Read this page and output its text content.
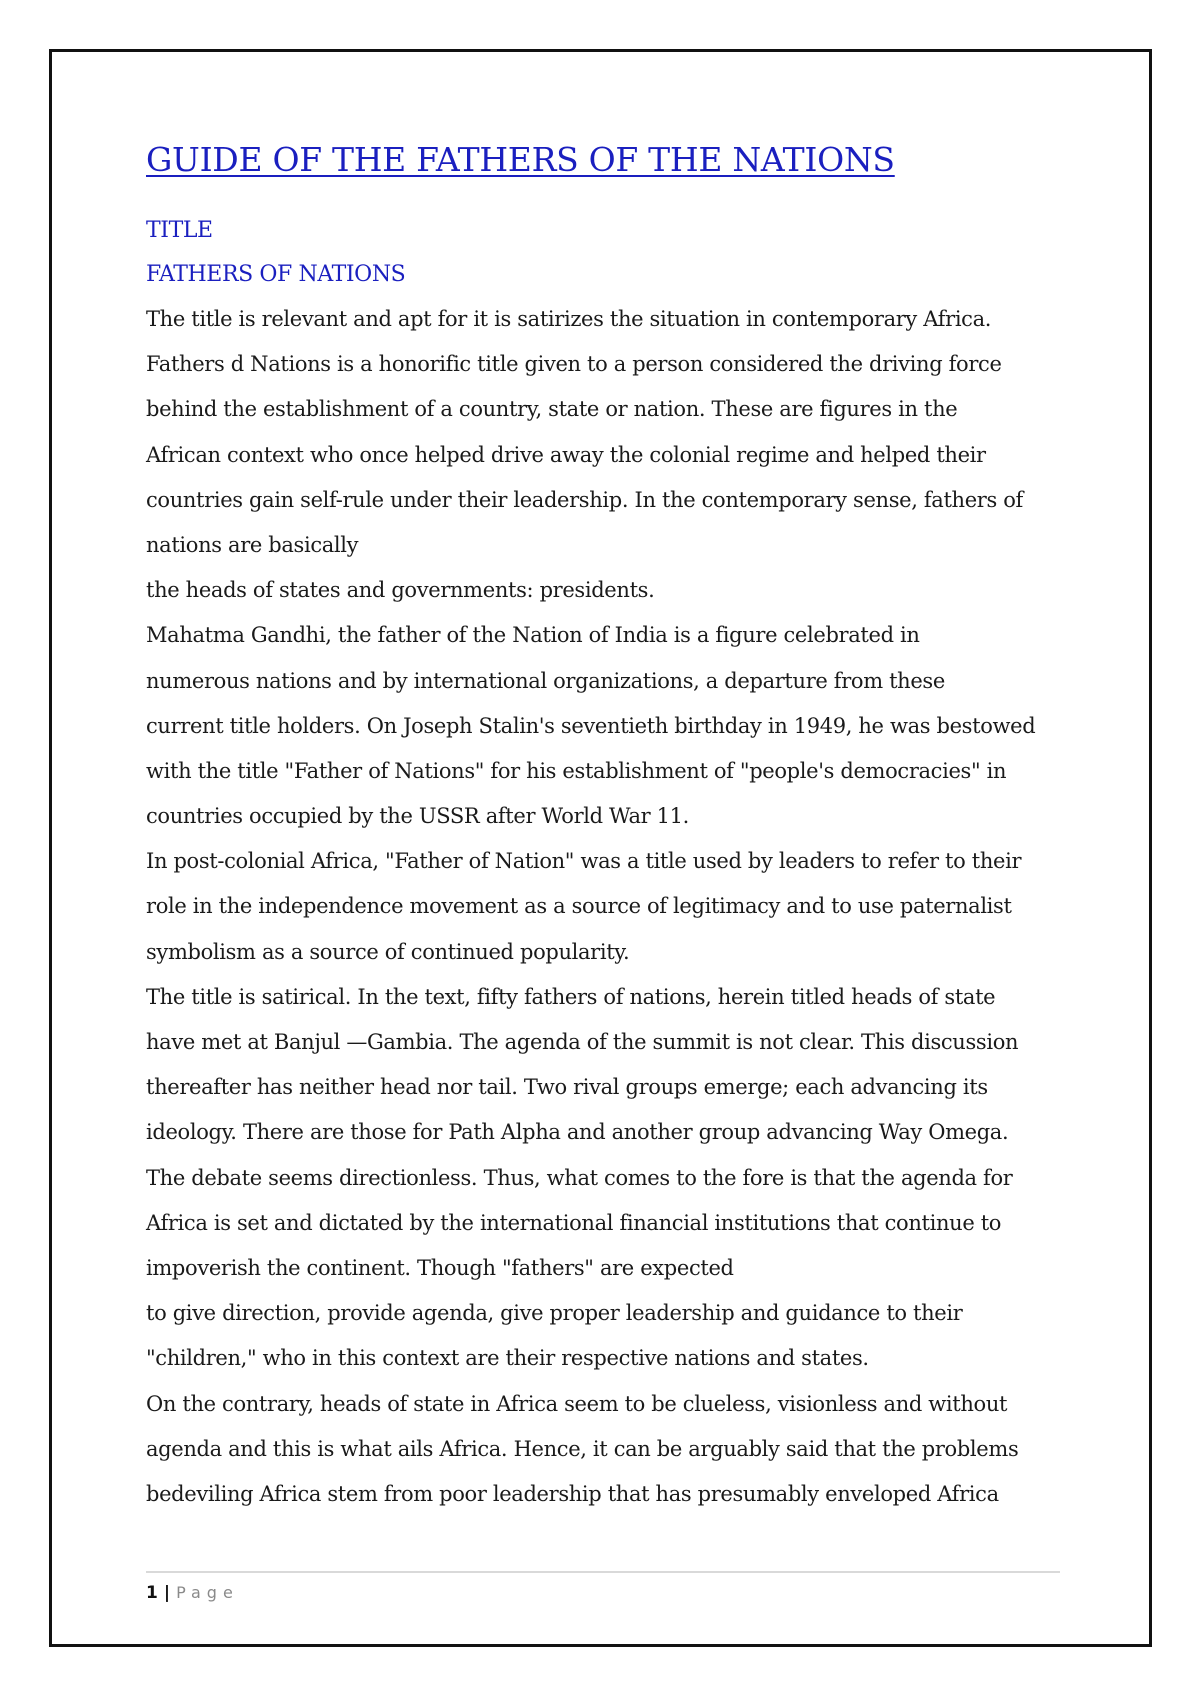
GUIDE OF THE FATHERS OF THE NATIONS
TITLE
FATHERS OF NATIONS
The title is relevant and apt for it is satirizes the situation in contemporary Africa.
Fathers d Nations is a honorific title given to a person considered the driving force
behind the establishment of a country, state or nation. These are figures in the
African context who once helped drive away the colonial regime and helped their
countries gain self-rule under their leadership. In the contemporary sense, fathers of
nations are basically
the heads of states and governments: presidents.
Mahatma Gandhi, the father of the Nation of India is a figure celebrated in
numerous nations and by international organizations, a departure from these
current title holders. On Joseph Stalin's seventieth birthday in 1949, he was bestowed
with the title "Father of Nations" for his establishment of "people's democracies" in
countries occupied by the USSR after World War 11.
In post-colonial Africa, "Father of Nation" was a title used by leaders to refer to their
role in the independence movement as a source of legitimacy and to use paternalist
symbolism as a source of continued popularity.
The title is satirical. In the text, fifty fathers of nations, herein titled heads of state
have met at Banjul —Gambia. The agenda of the summit is not clear. This discussion
thereafter has neither head nor tail. Two rival groups emerge; each advancing its
ideology. There are those for Path Alpha and another group advancing Way Omega.
The debate seems directionless. Thus, what comes to the fore is that the agenda for
Africa is set and dictated by the international financial institutions that continue to
impoverish the continent. Though "fathers" are expected
to give direction, provide agenda, give proper leadership and guidance to their
"children," who in this context are their respective nations and states.
On the contrary, heads of state in Africa seem to be clueless, visionless and without
agenda and this is what ails Africa. Hence, it can be arguably said that the problems
bedeviling Africa stem from poor leadership that has presumably enveloped Africa
1 | Page
